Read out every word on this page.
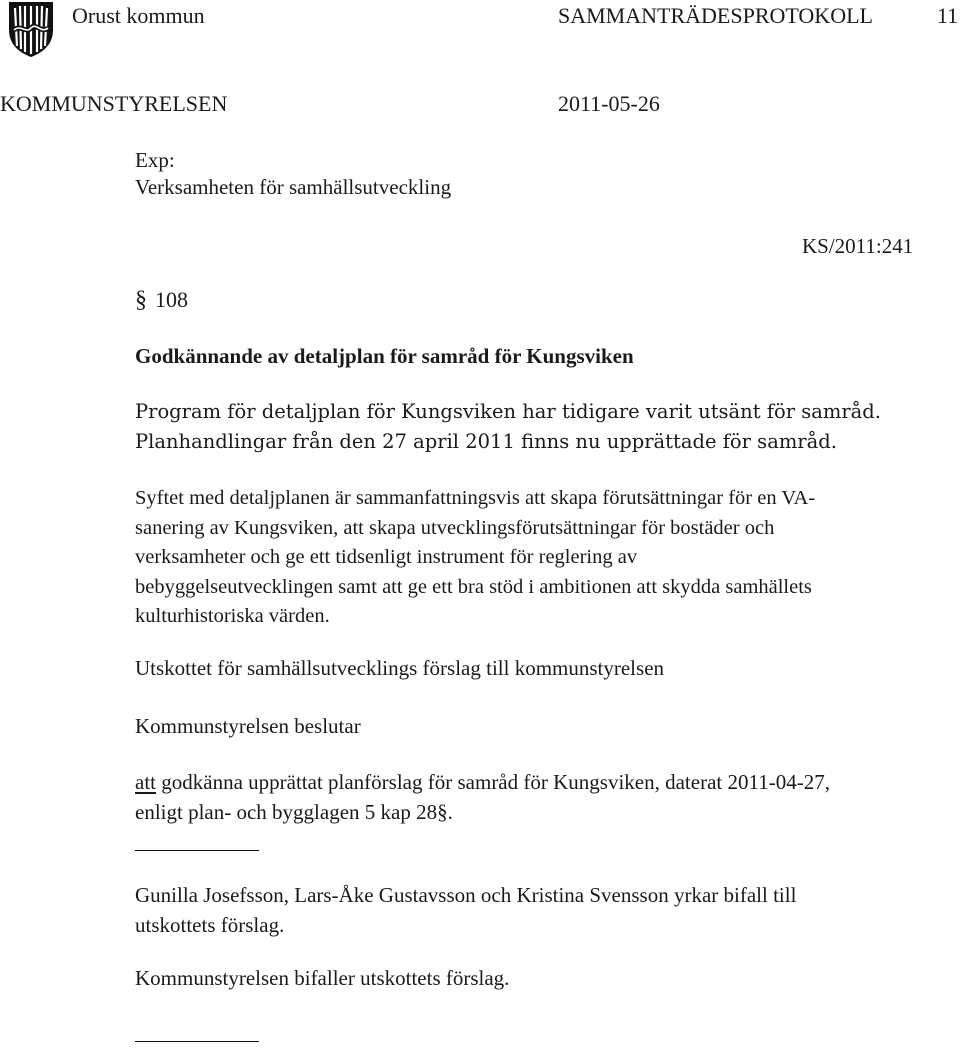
Orust kommun	SAMMANTRÄDESPROTOKOLL	11
KOMMUNSTYRELSEN	2011-05-26
Exp:
Verksamheten för samhällsutveckling
KS/2011:241
§ 108
Godkännande av detaljplan för samråd för Kungsviken

Program för detaljplan för Kungsviken har tidigare varit utsänt för samråd.

Planhandlingar från den 27 april 2011 finns nu upprättade för samråd.

Syftet med detaljplanen är sammanfattningsvis att skapa förutsättningar för en VA-

sanering av Kungsviken, att skapa utvecklingsförutsättningar för bostäder och

verksamheter och ge ett tidsenligt instrument för reglering av

bebyggelseutvecklingen samt att ge ett bra stöd i ambitionen att skydda samhällets

kulturhistoriska värden.

Utskottet för samhällsutvecklings förslag till kommunstyrelsen
Kommunstyrelsen beslutar

att godkänna upprättat planförslag för samråd för Kungsviken, daterat 2011-04-27,

enligt plan- och bygglagen 5 kap 28§.

Gunilla Josefsson, Lars-Åke Gustavsson och Kristina Svensson yrkar bifall till

utskottets förslag.

Kommunstyrelsen bifaller utskottets förslag.
